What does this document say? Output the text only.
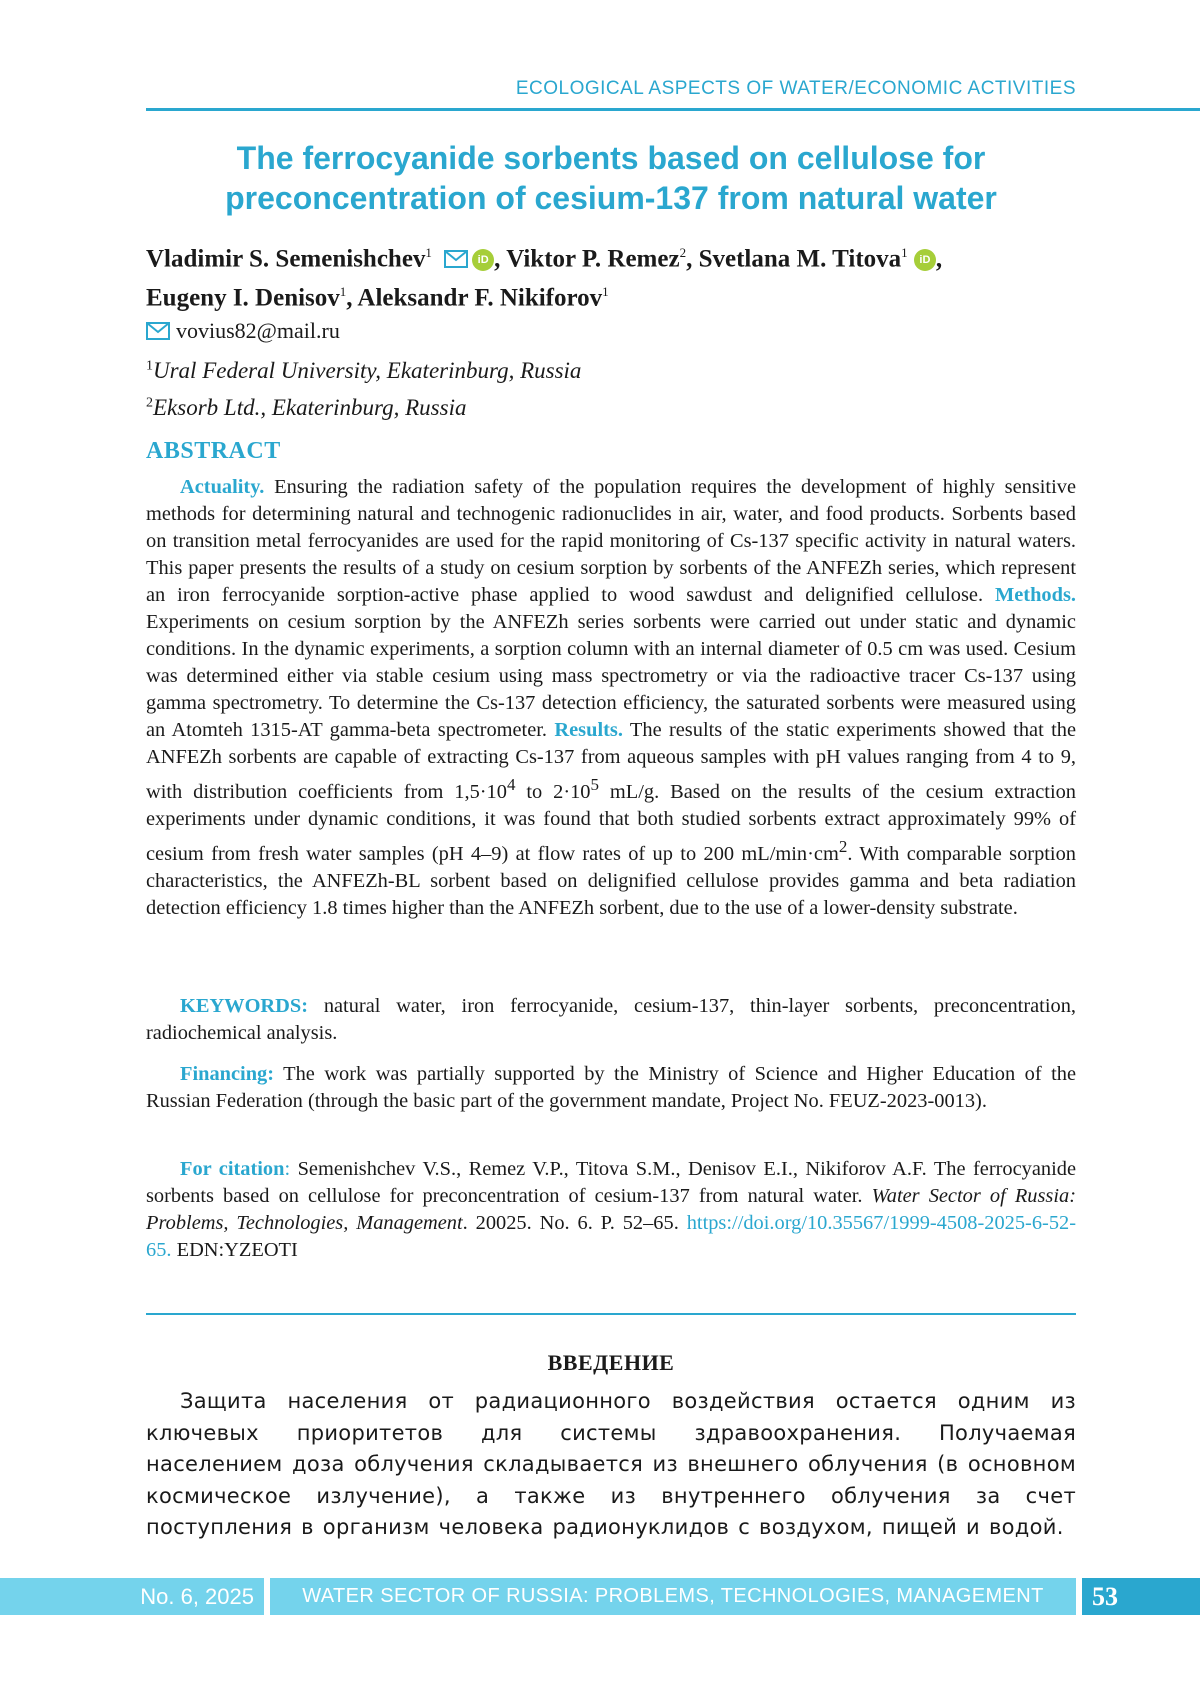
ECOLOGICAL ASPECTS OF WATER/ECONOMIC ACTIVITIES
The ferrocyanide sorbents based on cellulose for
preconcentration of cesium-137 from natural water
Vladimir S. Semenishchev$^1$ iD , Viktor P. Remez$^2$, Svetlana M. Titova$^1$ iD ,
Eugeny I. Denisov$^1$, Aleksandr F. Nikiforov$^1$
vovius82@mail.ru
$^1$Ural Federal University, Ekaterinburg, Russia
$^2$Eksorb Ltd., Ekaterinburg, Russia
ABSTRACT
Actuality. Ensuring the radiation safety of the population requires the development of highly sensitive methods for determining natural and technogenic radionuclides in air, water, and food products. Sorbents based on transition metal ferrocyanides are used for the rapid monitoring of Cs-137 specific activity in natural waters. This paper presents the results of a study on cesium sorption by sorbents of the ANFEZh series, which represent an iron ferrocyanide sorption-active phase applied to wood sawdust and delignified cellulose. Methods. Experiments on cesium sorption by the ANFEZh series sorbents were carried out under static and dynamic conditions. In the dynamic experiments, a sorption column with an internal diameter of 0.5 cm was used. Cesium was determined either via stable cesium using mass spectrometry or via the radioactive tracer Cs-137 using gamma spectrometry. To determine the Cs-137 detection efficiency, the saturated sorbents were measured using an Atomteh 1315-AT gamma-beta spectrometer. Results. The results of the static experiments showed that the ANFEZh sorbents are capable of extracting Cs-137 from aqueous samples with pH values ranging from 4 to 9, with distribution coefficients from $1,5\cdot 10^4$ to $2\cdot 10^5$ mL/g. Based on the results of the cesium extraction experiments under dynamic conditions, it was found that both studied sorbents extract approximately 99% of cesium from fresh water samples (pH 4–9) at flow rates of up to 200 $mL/\min\cdot cm^2$. With comparable sorption characteristics, the ANFEZh-BL sorbent based on delignified cellulose provides gamma and beta radiation detection efficiency 1.8 times higher than the ANFEZh sorbent, due to the use of a lower-density substrate.
KEYWORDS: natural water, iron ferrocyanide, cesium-137, thin-layer sorbents, preconcentration, radiochemical analysis.
Financing: The work was partially supported by the Ministry of Science and Higher Education of the Russian Federation (through the basic part of the government mandate, Project No. FEUZ-2023-0013).
For citation: Semenishchev V.S., Remez V.P., Titova S.M., Denisov E.I., Nikiforov A.F. The ferrocyanide sorbents based on cellulose for preconcentration of cesium-137 from natural water. Water Sector of Russia: Problems, Technologies, Management. 20025. No. 6. P. 52–65. https://doi.org/10.35567/1999-4508-2025-6-52-65. EDN:YZEOTI
ВВЕДЕНИЕ
Защита населения от радиационного воздействия остается одним из ключевых приоритетов для системы здравоохранения. Получаемая населением доза облучения складывается из внешнего облучения (в основном космическое излучение), а также из внутреннего облучения за счет поступления в организм человека радионуклидов с воздухом, пищей и водой.
No. 6, 2025	WATER SECTOR OF RUSSIA: PROBLEMS, TECHNOLOGIES, MANAGEMENT	53
